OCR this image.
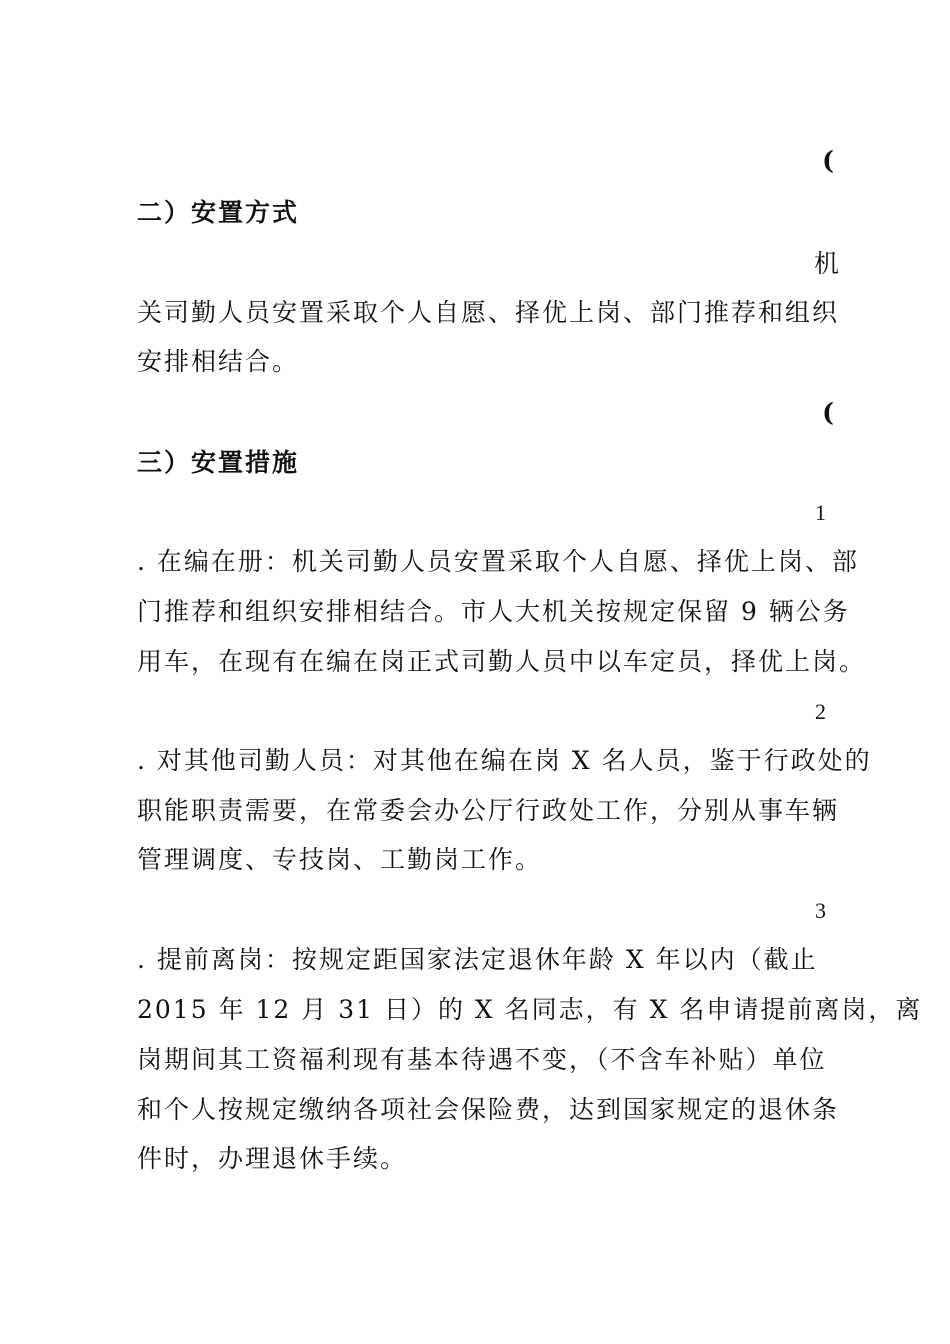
(
二）安置方式
机
关司勤人员安置采取个人自愿、择优上岗、部门推荐和组织
安排相结合。
(
三）安置措施
1
. 在编在册：机关司勤人员安置采取个人自愿、择优上岗、部
门推荐和组织安排相结合。市人大机关按规定保留 9 辆公务
用车，在现有在编在岗正式司勤人员中以车定员，择优上岗。
2
. 对其他司勤人员：对其他在编在岗 X 名人员，鉴于行政处的
职能职责需要，在常委会办公厅行政处工作，分别从事车辆
管理调度、专技岗、工勤岗工作。
3
. 提前离岗：按规定距国家法定退休年龄 X 年以内（截止
2015 年 12 月 31 日）的 X 名同志，有 X 名申请提前离岗，离
岗期间其工资福利现有基本待遇不变，（不含车补贴）单位
和个人按规定缴纳各项社会保险费，达到国家规定的退休条
件时，办理退休手续。
